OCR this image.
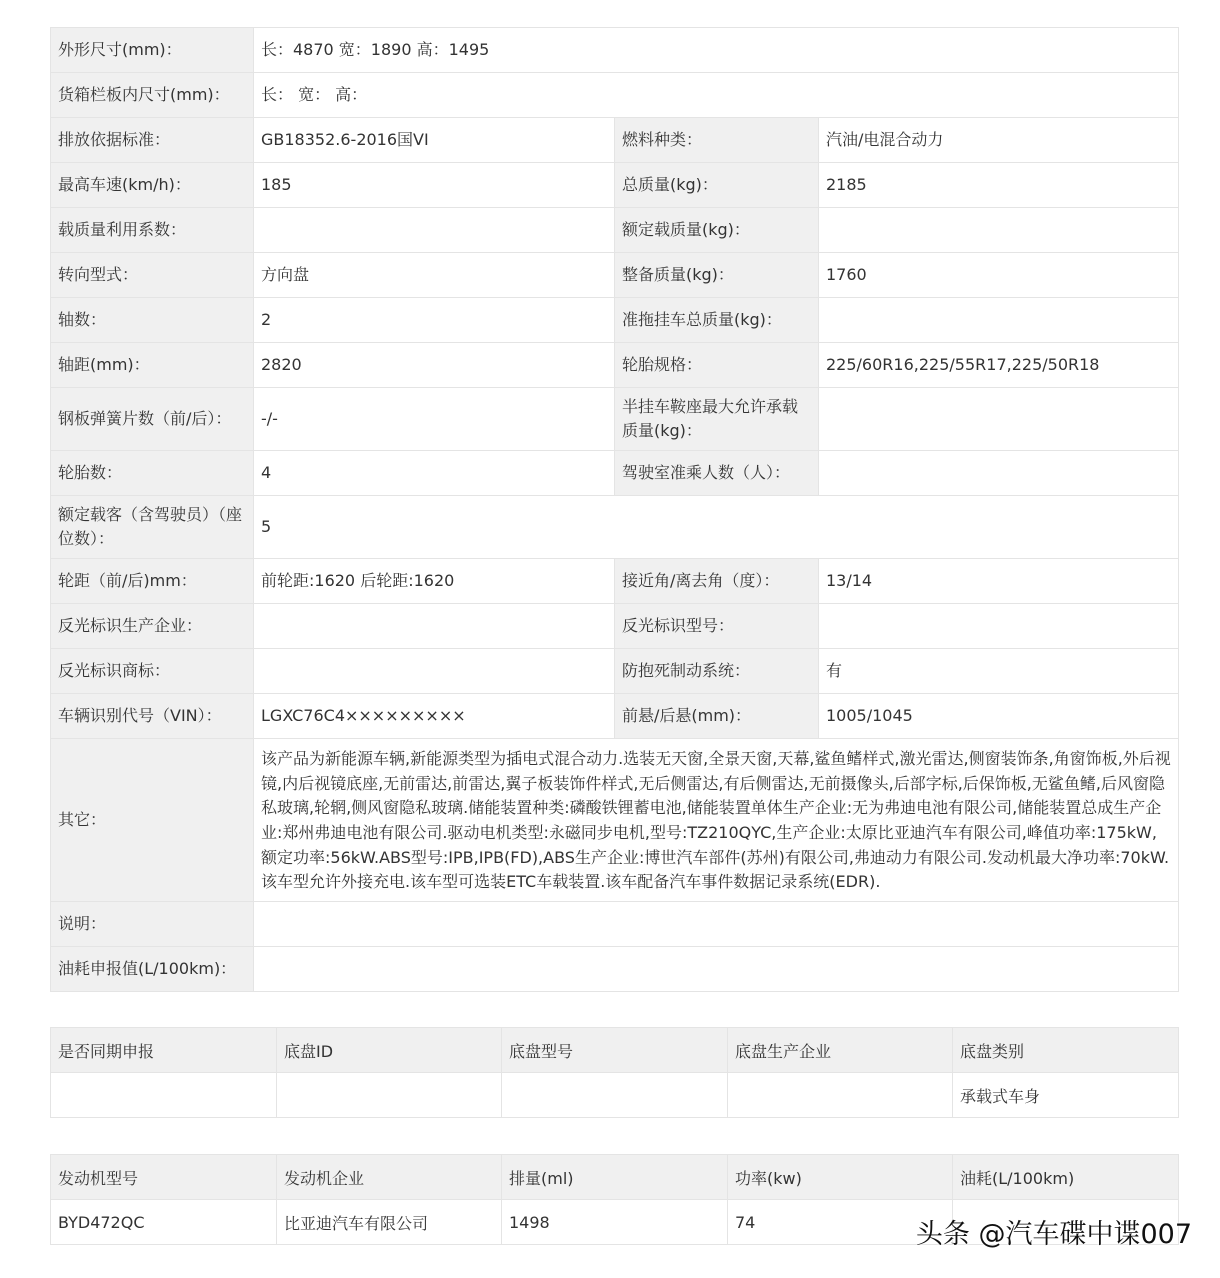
外形尺寸(mm)：	长：4870 宽：1890 高：1495		
货箱栏板内尺寸(mm)：	长： 宽： 高：		
排放依据标准：	GB18352.6-2016国VI	燃料种类：	汽油/电混合动力
最高车速(km/h)：	185	总质量(kg)：	2185
载质量利用系数：		额定载质量(kg)：	
转向型式：	方向盘	整备质量(kg)：	1760
轴数：	2	准拖挂车总质量(kg)：	
轴距(mm)：	2820	轮胎规格：	225/60R16,225/55R17,225/50R18
钢板弹簧片数（前/后）：	-/-	半挂车鞍座最大允许承载质量(kg)：	
轮胎数：	4	驾驶室准乘人数（人）：	
额定载客（含驾驶员）（座位数）：	5		
轮距（前/后)mm：	前轮距:1620 后轮距:1620	接近角/离去角（度）：	13/14
反光标识生产企业：		反光标识型号：	
反光标识商标：		防抱死制动系统：	有
车辆识别代号（VIN）：	LGXC76C4×××××××××	前悬/后悬(mm)：	1005/1045
其它：	该产品为新能源车辆,新能源类型为插电式混合动力.选装无天窗,全景天窗,天幕,鲨鱼鳍样式,激光雷达,侧窗装饰条,角窗饰板,外后视镜,内后视镜底座,无前雷达,前雷达,翼子板装饰件样式,无后侧雷达,有后侧雷达,无前摄像头,后部字标,后保饰板,无鲨鱼鳍,后风窗隐私玻璃,轮辋,侧风窗隐私玻璃.储能装置种类:磷酸铁锂蓄电池,储能装置单体生产企业:无为弗迪电池有限公司,储能装置总成生产企业:郑州弗迪电池有限公司.驱动电机类型:永磁同步电机,型号:TZ210QYC,生产企业:太原比亚迪汽车有限公司,峰值功率:175kW,额定功率:56kW.ABS型号:IPB,IPB(FD),ABS生产企业:博世汽车部件(苏州)有限公司,弗迪动力有限公司.发动机最大净功率:70kW.该车型允许外接充电.该车型可选装ETC车载装置.该车配备汽车事件数据记录系统(EDR).		
说明：			
油耗申报值(L/100km)：			
是否同期申报	底盘ID	底盘型号	底盘生产企业	底盘类别
				承载式车身
发动机型号	发动机企业	排量(ml)	功率(kw)	油耗(L/100km)
BYD472QC	比亚迪汽车有限公司	1498	74		头条 @汽车碟中谍007
